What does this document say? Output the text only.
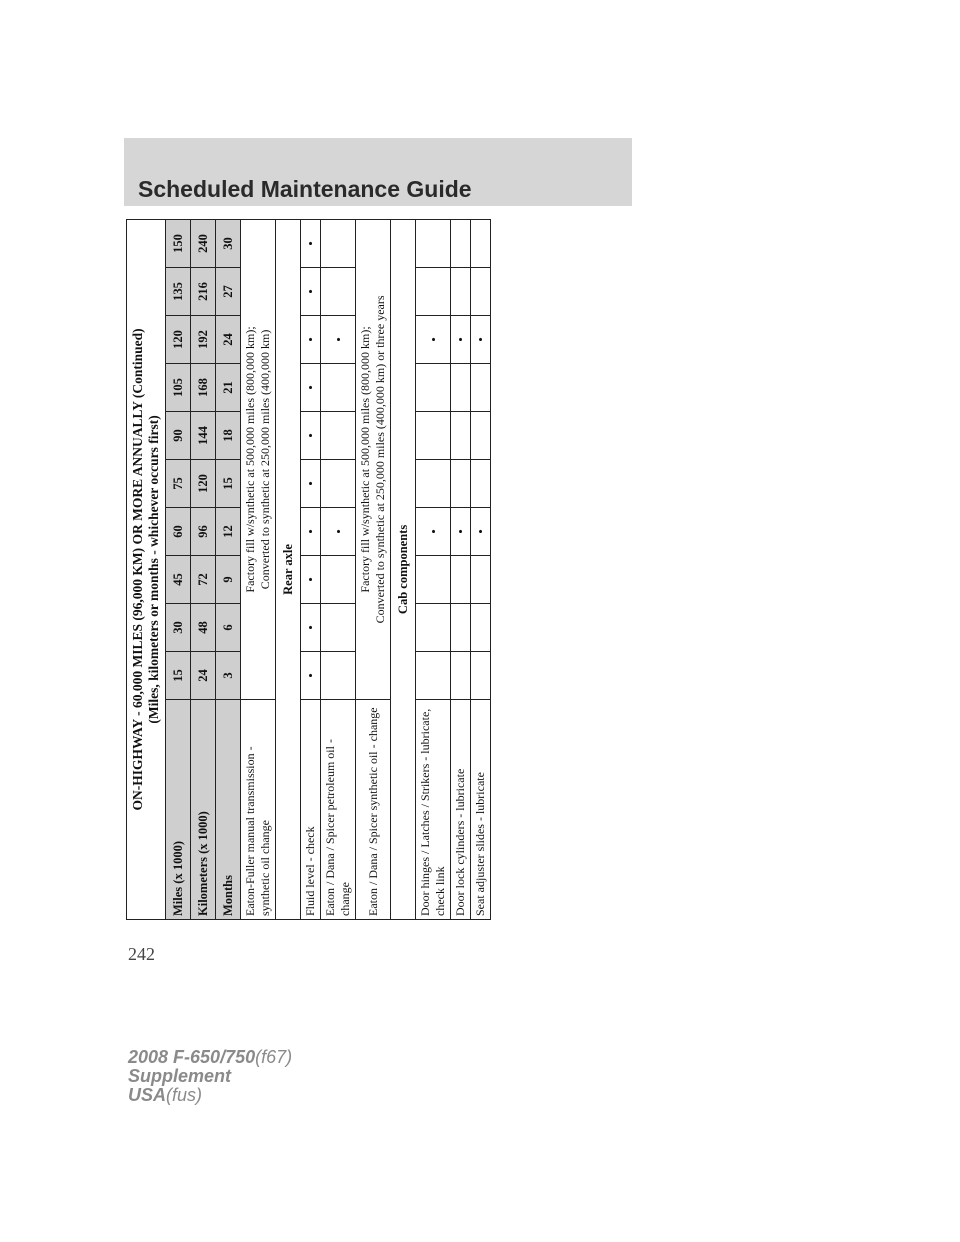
Scheduled Maintenance Guide
ON-HIGHWAY - 60,000 MILES (96,000 KM) OR MORE ANNUALLY (Continued) (Miles, kilometers or months - whichever occurs first)										

Miles (x 1000)	15	30	45	60	75	90	105	120	135	150
Kilometers (x 1000)	24	48	72	96	120	144	168	192	216	240
Months	3	6	9	12	15	18	21	24	27	30
Eaton-Fuller manual transmission - synthetic oil change	Factory fill w/synthetic at 500,000 miles (800,000 km); Converted to synthetic at 250,000 miles (400,000 km)									

Rear axle										
Fluid level - check	•	•	•	•	•	•	•	•	•	•
Eaton / Dana / Spicer petroleum oil - change				•				•		
Eaton / Dana / Spicer synthetic oil - change	Factory fill w/synthetic at 500,000 miles (800,000 km); Converted to synthetic at 250,000 miles (400,000 km) or three years									

Cab components										
Door hinges / Latches / Strikers - lubricate, check link				•				•		
Door lock cylinders - lubricate				•				•		
Seat adjuster slides - lubricate				•				•		
242
2008 F-650/750(f67)
Supplement
USA(fus)
